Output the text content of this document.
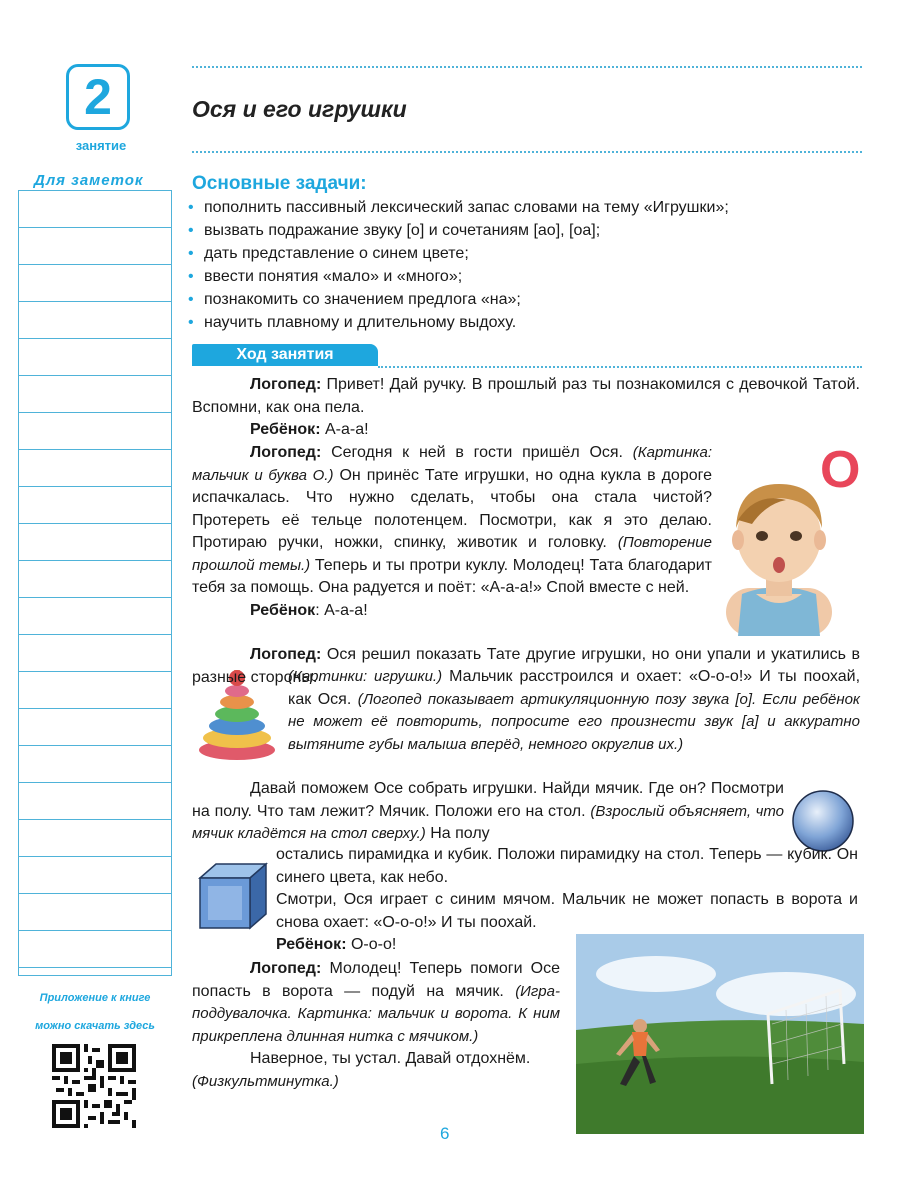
2
занятие
Ося и его игрушки
Для заметок
Приложение к книге
можно скачать здесь
Основные задачи:
• пополнить пассивный лексический запас словами на тему «Игрушки»;
• вызвать подражание звуку [о] и сочетаниям [ао], [оа];
• дать представление о синем цвете;
• ввести понятия «мало» и «много»;
• познакомить со значением предлога «на»;
• научить плавному и длительному выдоху.
Ход занятия

Логопед: Привет! Дай ручку. В прошлый раз ты познакомился с девочкой Татой. Вспомни, как она пела.

Ребёнок: А-а-а!

Логопед: Сегодня к ней в гости пришёл Ося. (Картинка: мальчик и буква О.) Он принёс Тате игрушки, но одна кукла в дороге испачкалась. Что нужно сделать, чтобы она стала чистой? Протереть её тельце полотенцем. Посмотри, как я это делаю. Протираю ручки, ножки, спинку, животик и головку. (Повторение прошлой темы.) Теперь и ты протри куклу. Молодец! Тата благодарит тебя за помощь. Она радуется и поёт: «А-а-а!» Спой вместе с ней.

Ребёнок: А-а-а!

О

Логопед: Ося решил показать Тате другие игрушки, но они упали и укатились в разные стороны.

(Картинки: игрушки.) Мальчик расстроился и охает: «О-о-о!» И ты поохай, как Ося. (Логопед показывает артикуляционную позу звука [о]. Если ребёнок не может её повторить, попросите его произнести звук [а] и аккуратно вытяните губы малыша вперёд, немного округлив их.)

Давай поможем Осе собрать игрушки. Найди мячик. Где он? Посмотри на полу. Что там лежит? Мячик. Положи его на стол. (Взрослый объясняет, что мячик кладётся на стол сверху.) На полу

остались пирамидка и кубик. Положи пирамидку на стол. Теперь — кубик. Он синего цвета, как небо.

Смотри, Ося играет с синим мячом. Мальчик не может попасть в ворота и снова охает: «О-о-о!» И ты поохай.

Ребёнок: О-о-о!

Логопед: Молодец! Теперь помоги Осе попасть в ворота — подуй на мячик. (Игра-поддувалочка. Картинка: мальчик и ворота. К ним прикреплена длинная нитка с мячиком.)

Наверное, ты устал. Давай отдохнём.

(Физкультминутка.)

6
